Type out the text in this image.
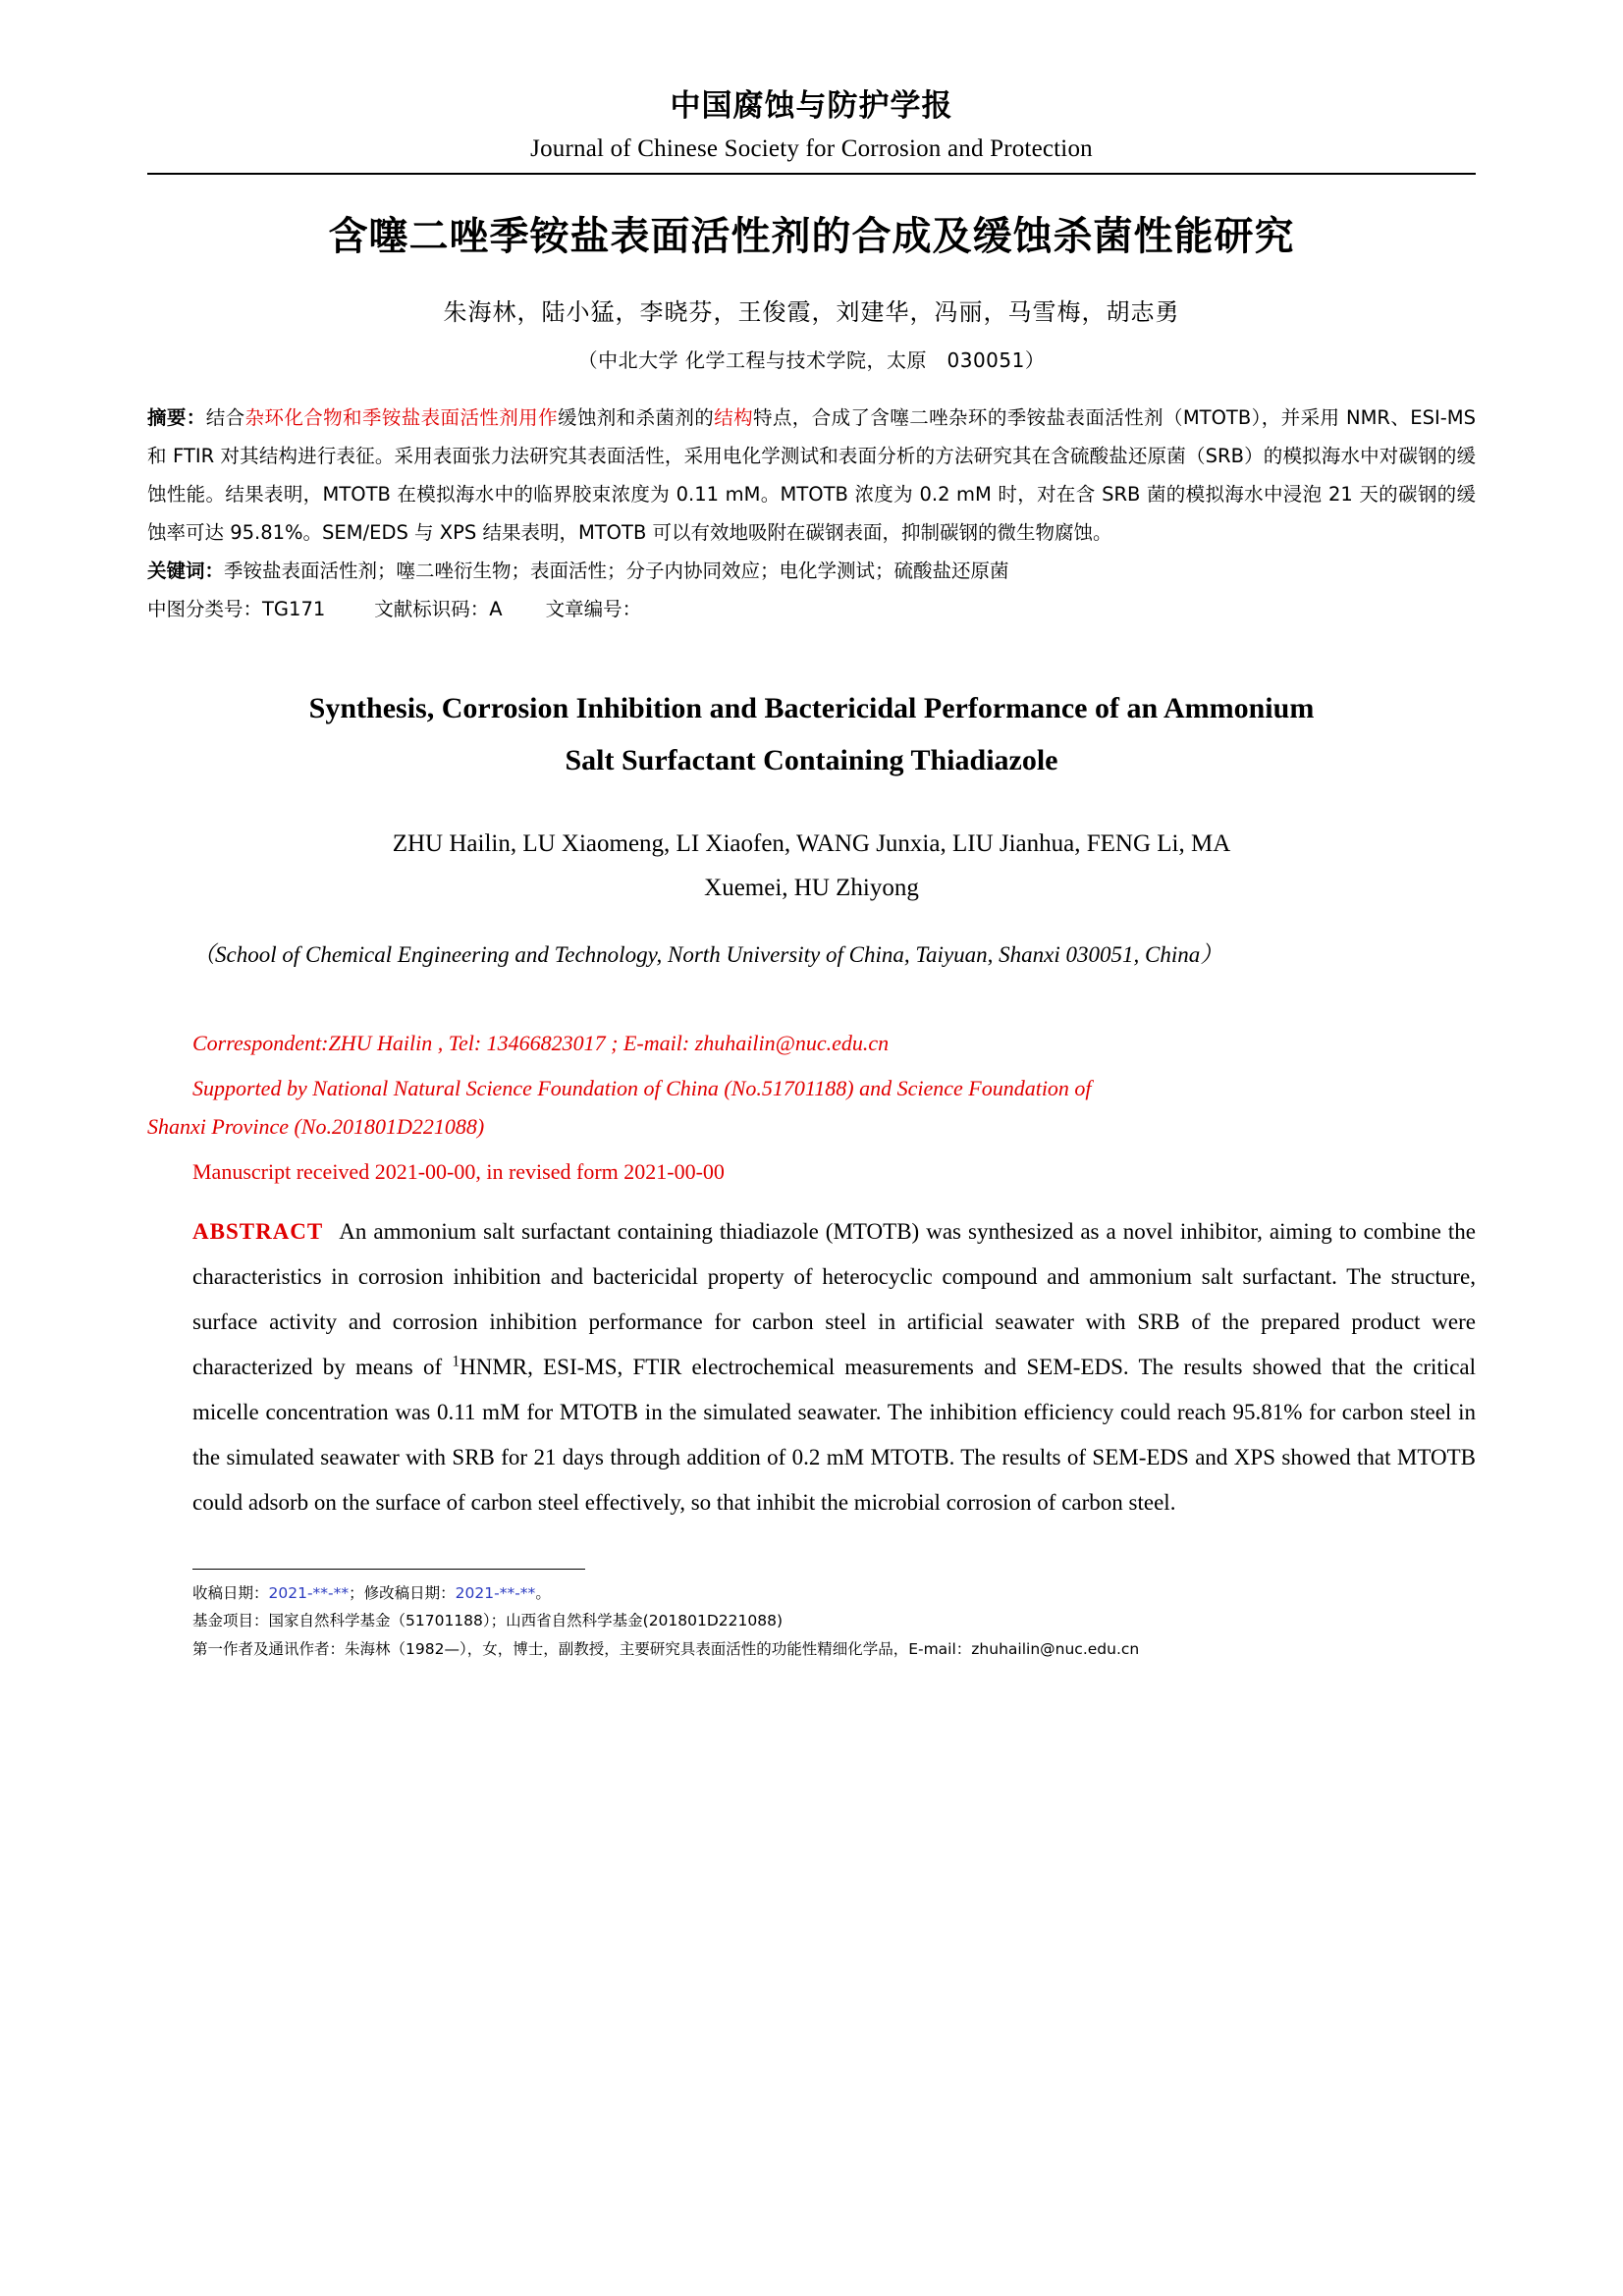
中国腐蚀与防护学报
Journal of Chinese Society for Corrosion and Protection
含噻二唑季铵盐表面活性剂的合成及缓蚀杀菌性能研究
朱海林，陆小猛，李晓芬，王俊霞，刘建华，冯丽，马雪梅，胡志勇
（中北大学 化学工程与技术学院，太原　030051）
摘要：结合杂环化合物和季铵盐表面活性剂用作缓蚀剂和杀菌剂的结构特点，合成了含噻二唑杂环的季铵盐表面活性剂（MTOTB），并采用 NMR、ESI-MS 和 FTIR 对其结构进行表征。采用表面张力法研究其表面活性，采用电化学测试和表面分析的方法研究其在含硫酸盐还原菌（SRB）的模拟海水中对碳钢的缓蚀性能。结果表明，MTOTB 在模拟海水中的临界胶束浓度为 0.11 mM。MTOTB 浓度为 0.2 mM 时，对在含 SRB 菌的模拟海水中浸泡 21 天的碳钢的缓蚀率可达 95.81%。SEM/EDS 与 XPS 结果表明，MTOTB 可以有效地吸附在碳钢表面，抑制碳钢的微生物腐蚀。
关键词：季铵盐表面活性剂；噻二唑衍生物；表面活性；分子内协同效应；电化学测试；硫酸盐还原菌
中图分类号：TG171	文献标识码：A 文章编号：
Synthesis, Corrosion Inhibition and Bactericidal Performance of an Ammonium
Salt Surfactant Containing Thiadiazole
ZHU Hailin, LU Xiaomeng, LI Xiaofen, WANG Junxia, LIU Jianhua, FENG Li, MA
Xuemei, HU Zhiyong
（School of Chemical Engineering and Technology, North University of China, Taiyuan, Shanxi 030051, China）
Correspondent:ZHU Hailin , Tel: 13466823017 ; E-mail: zhuhailin@nuc.edu.cn
Supported by National Natural Science Foundation of China (No.51701188) and Science Foundation of
Shanxi Province (No.201801D221088)
Manuscript received 2021-00-00, in revised form 2021-00-00
ABSTRACT An ammonium salt surfactant containing thiadiazole (MTOTB) was synthesized as a novel inhibitor, aiming to combine the characteristics in corrosion inhibition and bactericidal property of heterocyclic compound and ammonium salt surfactant. The structure, surface activity and corrosion inhibition performance for carbon steel in artificial seawater with SRB of the prepared product were characterized by means of $^1$HNMR, ESI-MS, FTIR electrochemical measurements and SEM-EDS. The results showed that the critical micelle concentration was 0.11 mM for MTOTB in the simulated seawater. The inhibition efficiency could reach 95.81% for carbon steel in the simulated seawater with SRB for 21 days through addition of 0.2 mM MTOTB. The results of SEM-EDS and XPS showed that MTOTB could adsorb on the surface of carbon steel effectively, so that inhibit the microbial corrosion of carbon steel.
收稿日期：2021-**-**；修改稿日期：2021-**-**。
基金项目：国家自然科学基金（51701188）；山西省自然科学基金(201801D221088)
第一作者及通讯作者：朱海林（1982—），女，博士，副教授，主要研究具表面活性的功能性精细化学品，E-mail：zhuhailin@nuc.edu.cn
